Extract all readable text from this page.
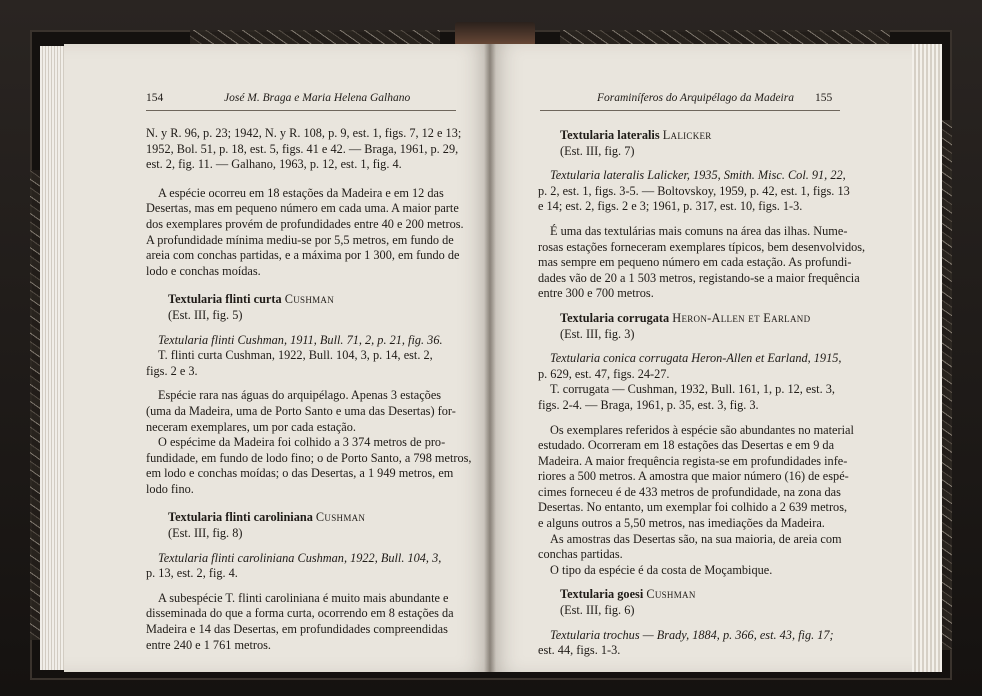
154	José M. Braga e Maria Helena Galhano

N. y R. 96, p. 23; 1942, N. y R. 108, p. 9, est. 1, figs. 7, 12 e 13;
1952, Bol. 51, p. 18, est. 5, figs. 41 e 42. — Braga, 1961, p. 29,
est. 2, fig. 11. — Galhano, 1963, p. 12, est. 1, fig. 4.

A espécie ocorreu em 18 estações da Madeira e em 12 das
Desertas, mas em pequeno número em cada uma. A maior parte
dos exemplares provém de profundidades entre 40 e 200 metros.
A profundidade mínima mediu-se por 5,5 metros, em fundo de
areia com conchas partidas, e a máxima por 1 300, em fundo de
lodo e conchas moídas.

Textularia flinti curta Cushman

(Est. III, fig. 5)

Textularia flinti Cushman, 1911, Bull. 71, 2, p. 21, fig. 36.
T. flinti curta Cushman, 1922, Bull. 104, 3, p. 14, est. 2,
figs. 2 e 3.

Espécie rara nas águas do arquipélago. Apenas 3 estações
(uma da Madeira, uma de Porto Santo e uma das Desertas) for-
neceram exemplares, um por cada estação.

O espécime da Madeira foi colhido a 3 374 metros de pro-
fundidade, em fundo de lodo fino; o de Porto Santo, a 798 metros,
em lodo e conchas moídas; o das Desertas, a 1 949 metros, em
lodo fino.

Textularia flinti caroliniana Cushman

(Est. III, fig. 8)

Textularia flinti caroliniana Cushman, 1922, Bull. 104, 3,
p. 13, est. 2, fig. 4.

A subespécie T. flinti caroliniana é muito mais abundante e
disseminada do que a forma curta, ocorrendo em 8 estações da
Madeira e 14 das Desertas, em profundidades compreendidas
entre 240 e 1 761 metros.

Foraminíferos do Arquipélago da Madeira 155

Textularia lateralis Lalicker

(Est. III, fig. 7)

Textularia lateralis Lalicker, 1935, Smith. Misc. Col. 91, 22,
p. 2, est. 1, figs. 3-5. — Boltovskoy, 1959, p. 42, est. 1, figs. 13
e 14; est. 2, figs. 2 e 3; 1961, p. 317, est. 10, figs. 1-3.

É uma das textulárias mais comuns na área das ilhas. Nume-
rosas estações forneceram exemplares típicos, bem desenvolvidos,
mas sempre em pequeno número em cada estação. As profundi-
dades vão de 20 a 1 503 metros, registando-se a maior frequência
entre 300 e 700 metros.

Textularia corrugata Heron-Allen et Earland

(Est. III, fig. 3)

Textularia conica corrugata Heron-Allen et Earland, 1915,
p. 629, est. 47, figs. 24-27.
T. corrugata — Cushman, 1932, Bull. 161, 1, p. 12, est. 3,
figs. 2-4. — Braga, 1961, p. 35, est. 3, fig. 3.

Os exemplares referidos à espécie são abundantes no material
estudado. Ocorreram em 18 estações das Desertas e em 9 da
Madeira. A maior frequência regista-se em profundidades infe-
riores a 500 metros. A amostra que maior número (16) de espé-
cimes forneceu é de 433 metros de profundidade, na zona das
Desertas. No entanto, um exemplar foi colhido a 2 639 metros,
e alguns outros a 5,50 metros, nas imediações da Madeira.

As amostras das Desertas são, na sua maioria, de areia com
conchas partidas.

O tipo da espécie é da costa de Moçambique.

Textularia goesi Cushman

(Est. III, fig. 6)

Textularia trochus — Brady, 1884, p. 366, est. 43, fig. 17;
est. 44, figs. 1-3.
